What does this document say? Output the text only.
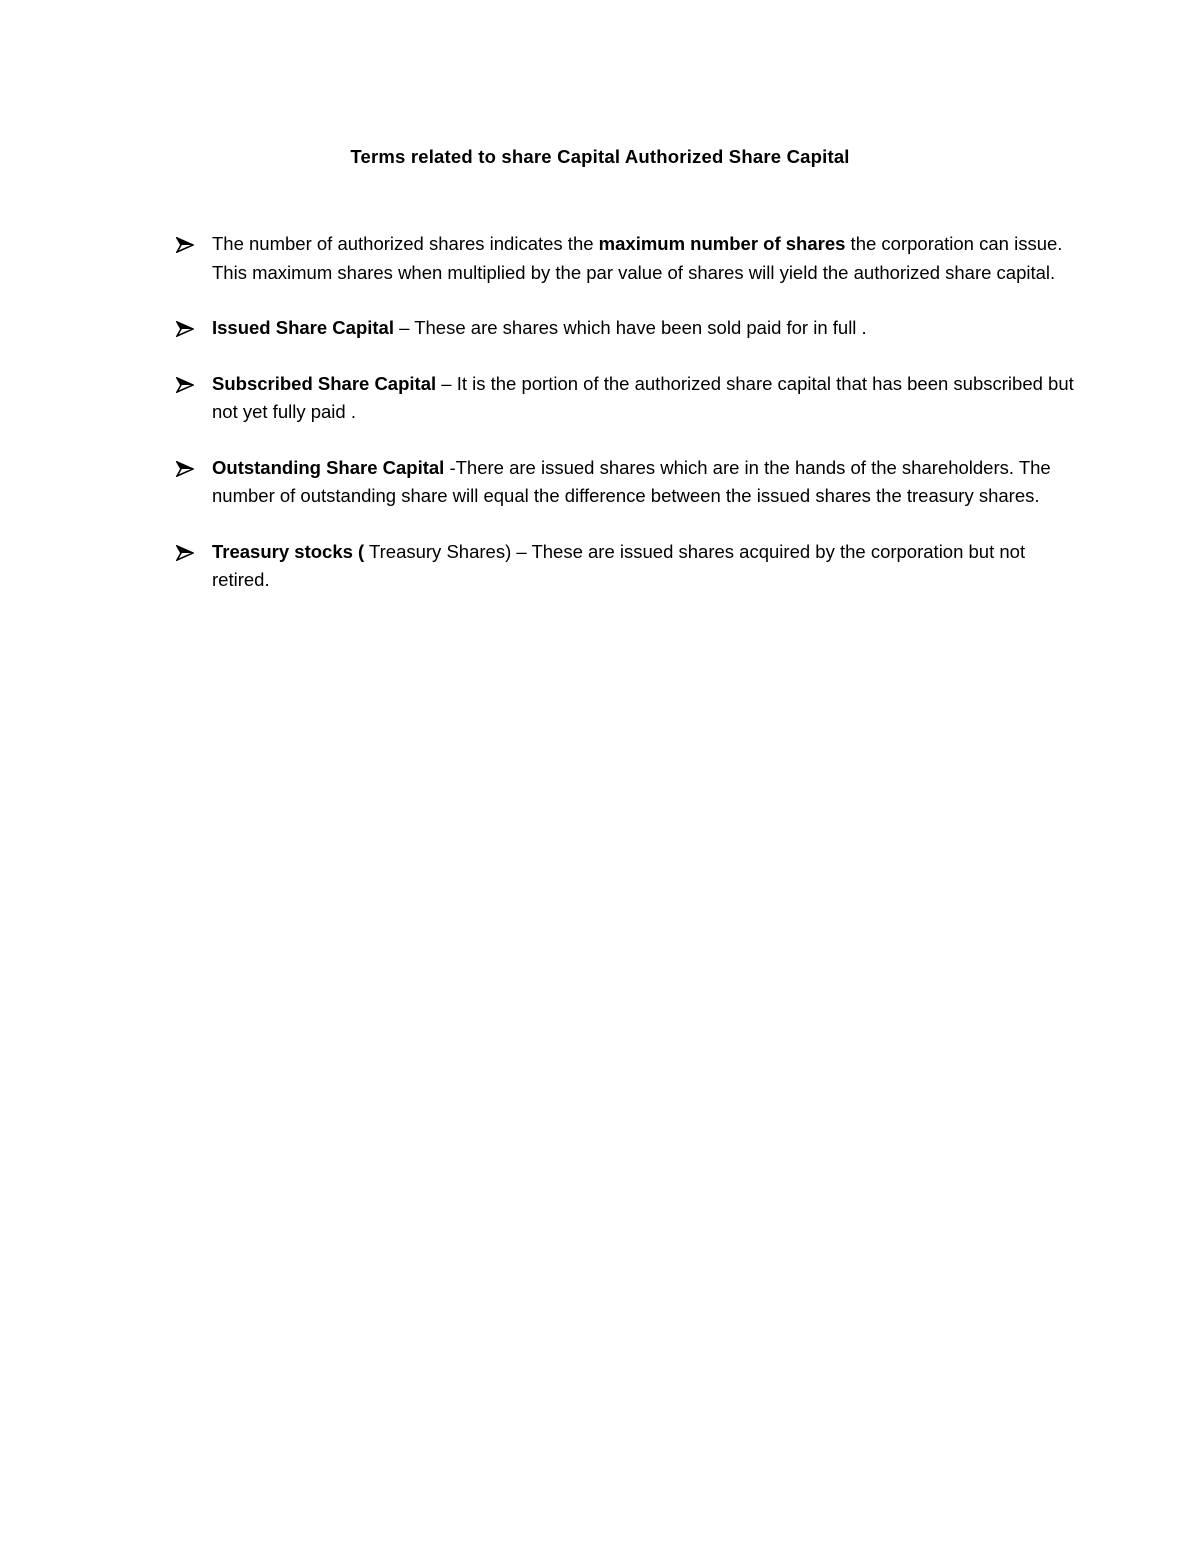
Terms related to share Capital Authorized Share Capital
The number of authorized shares indicates the maximum number of shares the corporation can issue. This maximum shares when multiplied by the par value of shares will yield the authorized share capital.
Issued Share Capital – These are shares which have been sold paid for in full .
Subscribed Share Capital – It is the portion of the authorized share capital that has been subscribed but not yet fully paid .
Outstanding Share Capital -There are issued shares which are in the hands of the shareholders. The number of outstanding share will equal the difference between the issued shares the treasury shares.
Treasury stocks ( Treasury Shares) – These are issued shares acquired by the corporation but not retired.
